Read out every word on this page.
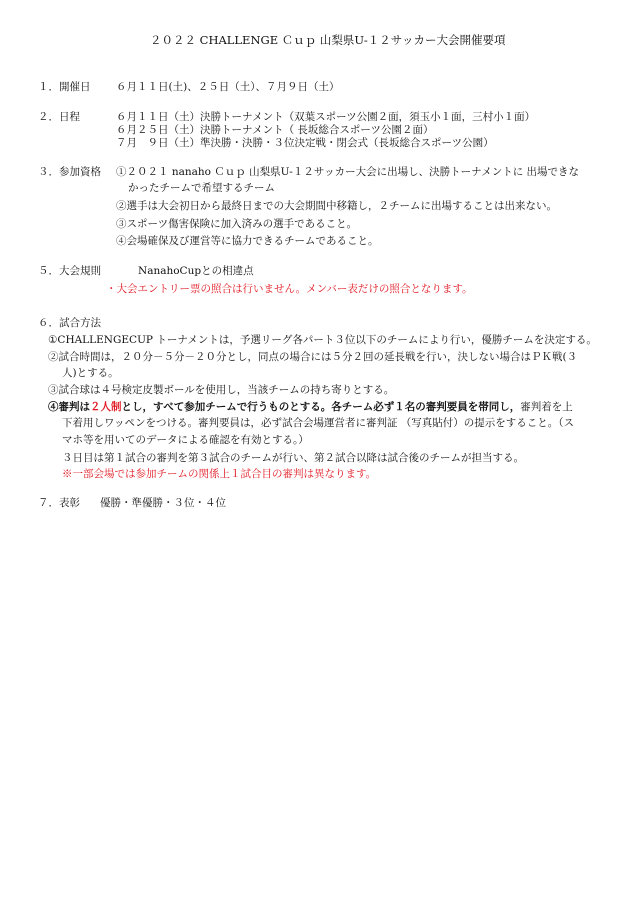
２０２２ CHALLENGE Ｃｕｐ 山梨県U-１２サッカー大会開催要項
１．開催日 ６月１１日(土)、２５日（土）、７月９日（土）
２．日程	６月１１日（土）決勝トーナメント（双葉スポーツ公園２面，須玉小１面，三村小１面）
６月２５日（土）決勝トーナメント（ 長坂総合スポーツ公園２面）
７月　９日（土）準決勝・決勝・３位決定戦・閉会式（長坂総合スポーツ公園）
３．参加資格 ①２０２１ nanaho Ｃｕｐ 山梨県U-１２サッカー大会に出場し、決勝トーナメントに 出場できな
かったチームで希望するチーム
②選手は大会初日から最終日までの大会期間中移籍し，２チームに出場することは出来ない。
③スポーツ傷害保険に加入済みの選手であること。
④会場確保及び運営等に協力できるチームであること。
５．大会規則	NanahoCupとの相違点
・大会エントリー票の照合は行いません。メンバー表だけの照合となります。
６．試合方法
①CHALLENGECUP トーナメントは，予選リーグ各パート３位以下のチームにより行い，優勝チームを決定する。
②試合時間は，２０分－５分－２０分とし，同点の場合には５分２回の延長戦を行い，決しない場合はＰＫ戦(３
人)とする。
③試合球は４号検定皮製ボールを使用し，当該チームの持ち寄りとする。
④審判は２人制とし，すべて参加チームで行うものとする。各チーム必ず１名の審判要員を帯同し，審判着を上
下着用しワッペンをつける。審判要員は，必ず試合会場運営者に審判証 （写真貼付）の提示をすること。（ス
マホ等を用いてのデータによる確認を有効とする。）
３日目は第１試合の審判を第３試合のチームが行い、第２試合以降は試合後のチームが担当する。
※一部会場では参加チームの関係上１試合目の審判は異なります。
７．表彰 優勝・準優勝・３位・４位
